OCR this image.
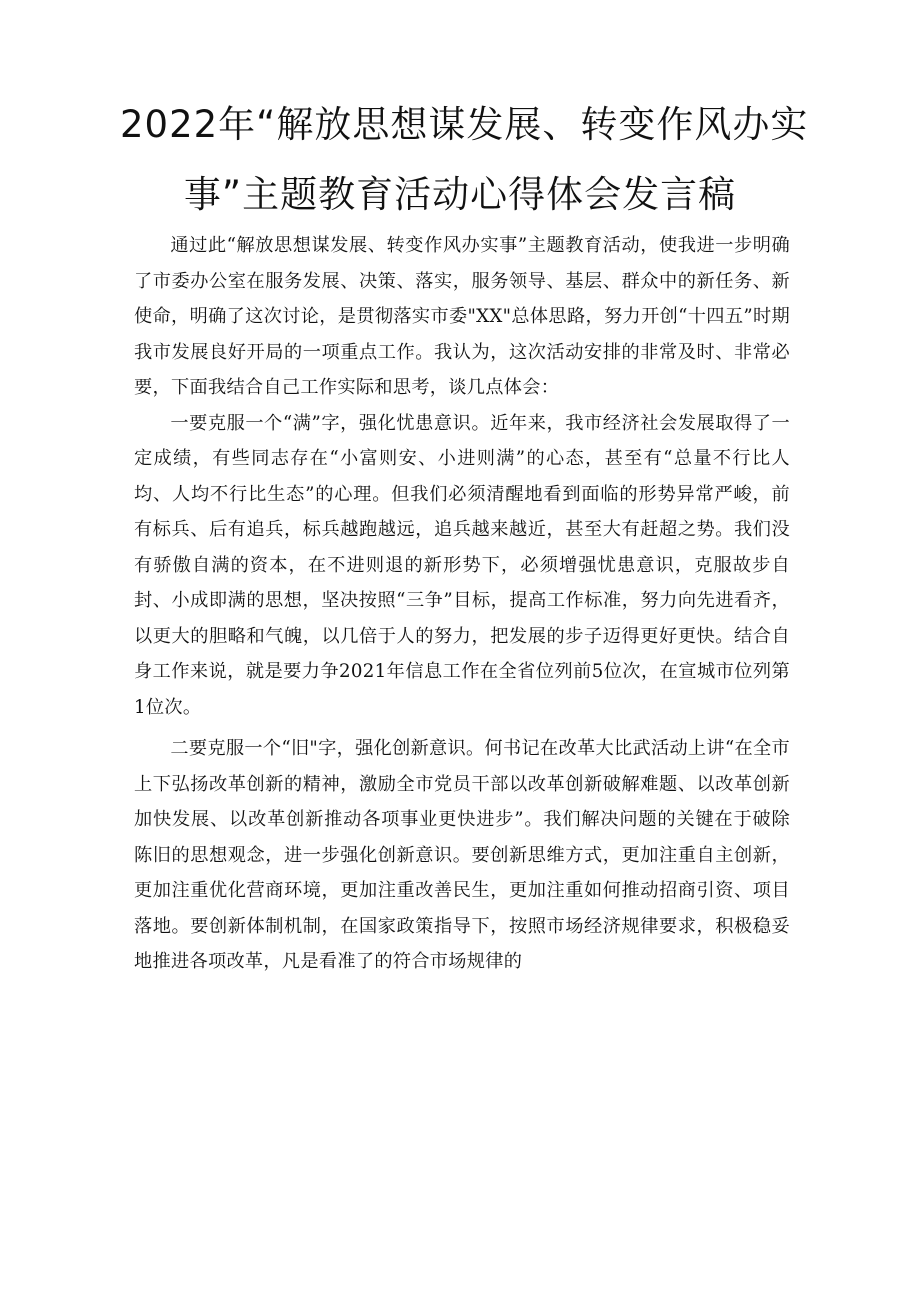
2022年“解放思想谋发展、转变作风办实
事”主题教育活动心得体会发言稿

通过此“解放思想谋发展、转变作风办实事”主题教育活动，使我进一步明确了市委办公室在服务发展、决策、落实，服务领导、基层、群众中的新任务、新使命，明确了这次讨论，是贯彻落实市委"XX"总体思路，努力开创“十四五”时期我市发展良好开局的一项重点工作。我认为，这次活动安排的非常及时、非常必要，下面我结合自己工作实际和思考，谈几点体会：

一要克服一个“满”字，强化忧患意识。近年来，我市经济社会发展取得了一定成绩，有些同志存在“小富则安、小进则满”的心态，甚至有“总量不行比人均、人均不行比生态”的心理。但我们必须清醒地看到面临的形势异常严峻，前有标兵、后有追兵，标兵越跑越远，追兵越来越近，甚至大有赶超之势。我们没有骄傲自满的资本，在不进则退的新形势下，必须增强忧患意识，克服故步自封、小成即满的思想，坚决按照“三争”目标，提高工作标准，努力向先进看齐，以更大的胆略和气魄，以几倍于人的努力，把发展的步子迈得更好更快。结合自身工作来说，就是要力争2021年信息工作在全省位列前5位次，在宣城市位列第1位次。

二要克服一个“旧"字，强化创新意识。何书记在改革大比武活动上讲“在全市上下弘扬改革创新的精神，激励全市党员干部以改革创新破解难题、以改革创新加快发展、以改革创新推动各项事业更快进步”。我们解决问题的关键在于破除陈旧的思想观念，进一步强化创新意识。要创新思维方式，更加注重自主创新，更加注重优化营商环境，更加注重改善民生，更加注重如何推动招商引资、项目落地。要创新体制机制，在国家政策指导下，按照市场经济规律要求，积极稳妥地推进各项改革，凡是看准了的符合市场规律的
